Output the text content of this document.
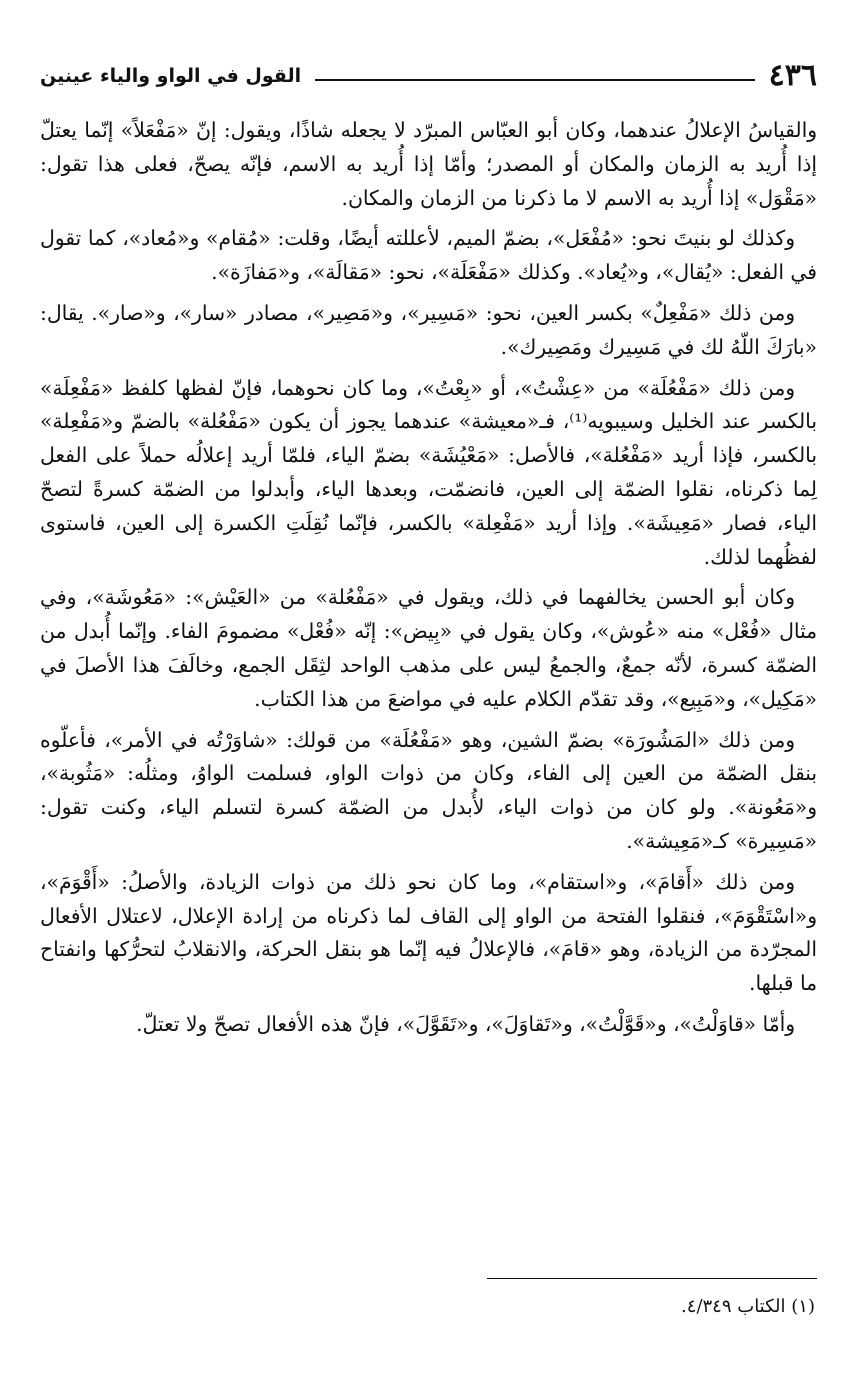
٤٣٦
القول في الواو والياء عينين

والقياسُ الإعلالُ عندهما، وكان أبو العبّاس المبرّد لا يجعله شاذًا، ويقول: إنّ «مَفْعَلاً» إنّما يعتلّ إذا أُريد به الزمان والمكان أو المصدر؛ وأمّا إذا أُريد به الاسم، فإنّه يصحّ، فعلى هذا تقول: «مَقْوَل» إذا أُريد به الاسم لا ما ذكرنا من الزمان والمكان.

وكذلك لو بنيتَ نحو: «مُفْعَل»، بضمّ الميم، لأعللته أيضًا، وقلت: «مُقام» و«مُعاد»، كما تقول في الفعل: «يُقال»، و«يُعاد». وكذلك «مَفْعَلَة»، نحو: «مَقالَة»، و«مَفازَة».

ومن ذلك «مَفْعِلٌ» بكسر العين، نحو: «مَسِير»، و«مَصِير»، مصادر «سار»، و«صار». يقال: «بارَكَ اللّهُ لك في مَسِيرك ومَصِيرك».

ومن ذلك «مَفْعُلَة» من «عِشْتُ»، أو «بِعْتُ»، وما كان نحوهما، فإنّ لفظها كلفظ «مَفْعِلَة» بالكسر عند الخليل وسيبويه⁽¹⁾، فـ«معيشة» عندهما يجوز أن يكون «مَفْعُلة» بالضمّ و«مَفْعِلة» بالكسر، فإذا أريد «مَفْعُلة»، فالأصل: «مَعْيُشَة» بضمّ الياء، فلمّا أريد إعلالُه حملاً على الفعل لِما ذكرناه، نقلوا الضمّة إلى العين، فانضمّت، وبعدها الياء، وأبدلوا من الضمّة كسرةً لتصحّ الياء، فصار «مَعِيشَة». وإذا أريد «مَفْعِلة» بالكسر، فإنّما نُقِلَتِ الكسرة إلى العين، فاستوى لفظُهما لذلك.

وكان أبو الحسن يخالفهما في ذلك، ويقول في «مَفْعُلة» من «العَيْش»: «مَعُوشَة»، وفي مثال «فُعْل» منه «عُوش»، وكان يقول في «بِيض»: إنّه «فُعْل» مضمومَ الفاء. وإنّما أُبدل من الضمّة كسرة، لأنّه جمعٌ، والجمعُ ليس على مذهب الواحد لثِقَل الجمع، وخالَفَ هذا الأصلَ في «مَكِيل»، و«مَبِيع»، وقد تقدّم الكلام عليه في مواضعَ من هذا الكتاب.

ومن ذلك «المَشُورَة» بضمّ الشين، وهو «مَفْعُلَة» من قولك: «شاوَرْتُه في الأمر»، فأعلّوه بنقل الضمّة من العين إلى الفاء، وكان من ذوات الواو، فسلمت الواوُ، ومثلُه: «مَثُوبة»، و«مَعُونة». ولو كان من ذوات الياء، لأُبدل من الضمّة كسرة لتسلم الياء، وكنت تقول: «مَسِيرة» كـ«مَعِيشة».

ومن ذلك «أَقامَ»، و«استقام»، وما كان نحو ذلك من ذوات الزيادة، والأصلُ: «أَقْوَمَ»، و«اسْتَقْوَمَ»، فنقلوا الفتحة من الواو إلى القاف لما ذكرناه من إرادة الإعلال، لاعتلال الأفعال المجرّدة من الزيادة، وهو «قامَ»، فالإعلالُ فيه إنّما هو بنقل الحركة، والانقلابُ لتحرُّكها وانفتاح ما قبلها.

وأمّا «قاوَلْتُ»، و«قَوَّلْتُ»، و«تَقاوَلَ»، و«تَقَوَّلَ»، فإنّ هذه الأفعال تصحّ ولا تعتلّ.

(١) الكتاب ٤/٣٤٩.
